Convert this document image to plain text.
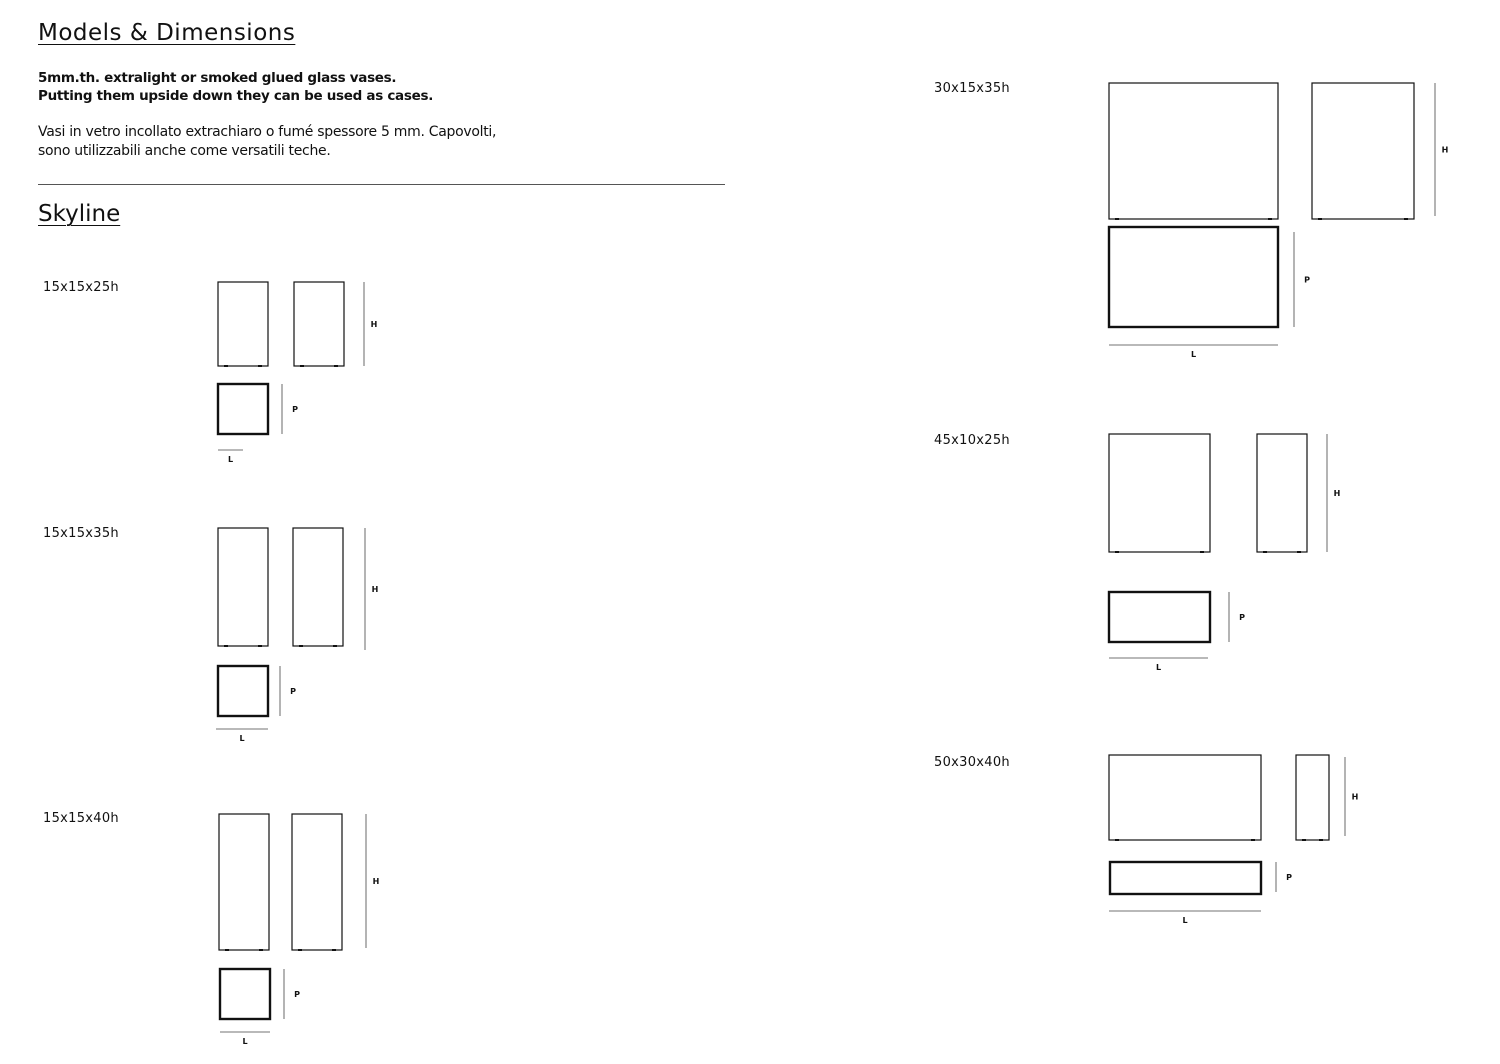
Models & Dimensions
5mm.th. extralight or smoked glued glass vases.
Putting them upside down they can be used as cases.
Vasi in vetro incollato extrachiaro o fumé spessore 5 mm. Capovolti,
sono utilizzabili anche come versatili teche.
Skyline
15x15x25h
15x15x35h
15x15x40h
30x15x35h
45x10x25h
50x30x40h
H
P
L
H
P
L
H
P
L
H
P
L
H
P
L
H
P
L
